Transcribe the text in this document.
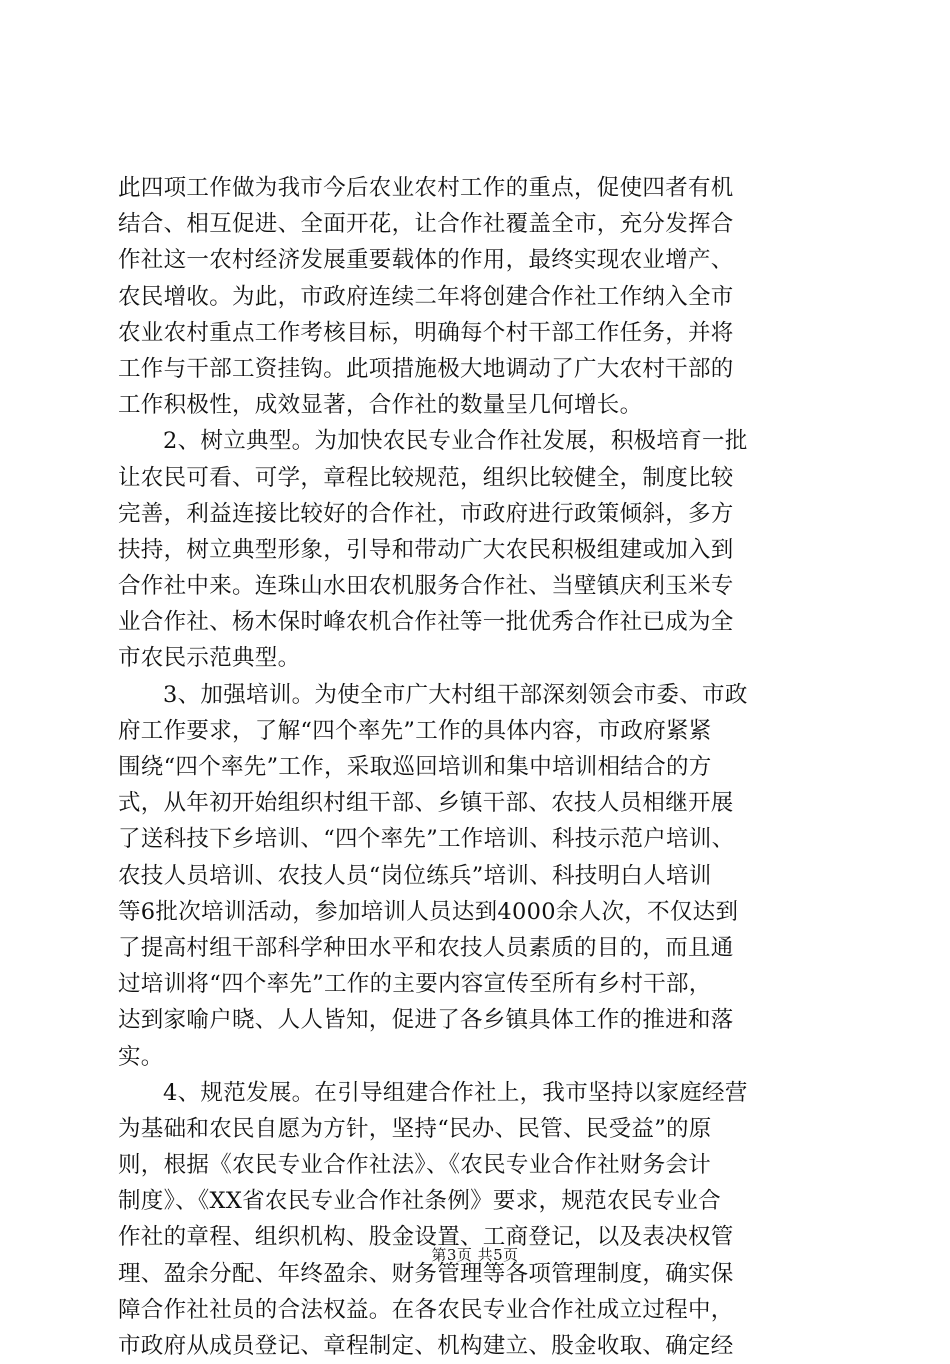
此四项工作做为我市今后农业农村工作的重点，促使四者有机
结合、相互促进、全面开花，让合作社覆盖全市，充分发挥合
作社这一农村经济发展重要载体的作用，最终实现农业增产、
农民增收。为此，市政府连续二年将创建合作社工作纳入全市
农业农村重点工作考核目标，明确每个村干部工作任务，并将
工作与干部工资挂钩。此项措施极大地调动了广大农村干部的
工作积极性，成效显著，合作社的数量呈几何增长。
2、树立典型。为加快农民专业合作社发展，积极培育一批
让农民可看、可学，章程比较规范，组织比较健全，制度比较
完善，利益连接比较好的合作社，市政府进行政策倾斜，多方
扶持，树立典型形象，引导和带动广大农民积极组建或加入到
合作社中来。连珠山水田农机服务合作社、当壁镇庆利玉米专
业合作社、杨木保时峰农机合作社等一批优秀合作社已成为全
市农民示范典型。
3、加强培训。为使全市广大村组干部深刻领会市委、市政
府工作要求，了解“四个率先”工作的具体内容，市政府紧紧
围绕“四个率先”工作，采取巡回培训和集中培训相结合的方
式，从年初开始组织村组干部、乡镇干部、农技人员相继开展
了送科技下乡培训、“四个率先”工作培训、科技示范户培训、
农技人员培训、农技人员“岗位练兵”培训、科技明白人培训
等6批次培训活动，参加培训人员达到4000余人次，不仅达到
了提高村组干部科学种田水平和农技人员素质的目的，而且通
过培训将“四个率先”工作的主要内容宣传至所有乡村干部，
达到家喻户晓、人人皆知，促进了各乡镇具体工作的推进和落
实。
4、规范发展。在引导组建合作社上，我市坚持以家庭经营
为基础和农民自愿为方针，坚持“民办、民管、民受益”的原
则，根据《农民专业合作社法》、《农民专业合作社财务会计
制度》、《XX省农民专业合作社条例》要求，规范农民专业合
作社的章程、组织机构、股金设置、工商登记，以及表决权管
理、盈余分配、年终盈余、财务管理等各项管理制度，确实保
障合作社社员的合法权益。在各农民专业合作社成立过程中，
市政府从成员登记、章程制定、机构建立、股金收取、确定经
第3页 共5页
